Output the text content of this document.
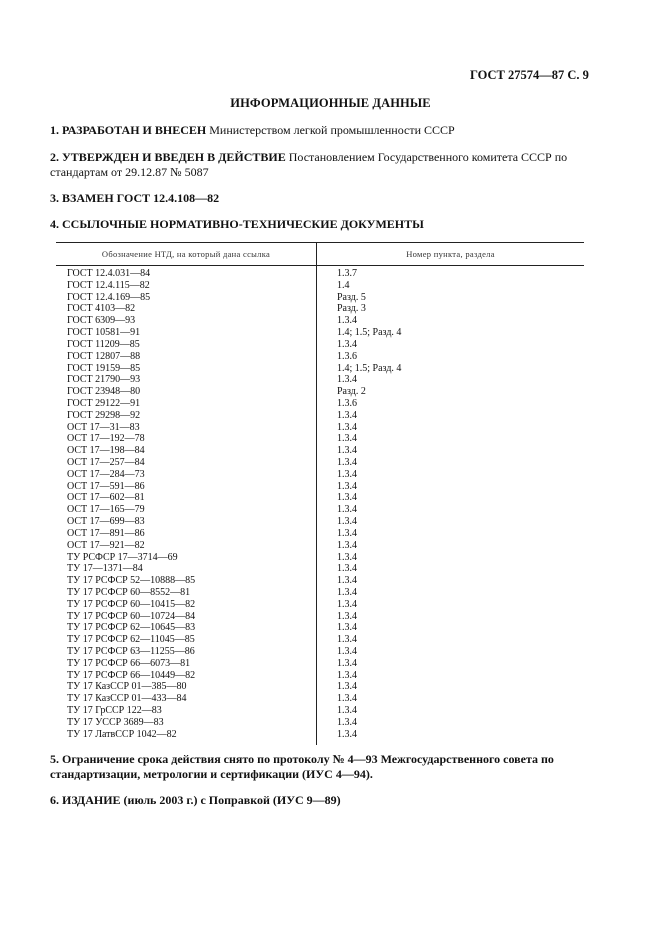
ГОСТ 27574—87 С. 9
ИНФОРМАЦИОННЫЕ ДАННЫЕ
1. РАЗРАБОТАН И ВНЕСЕН Министерством легкой промышленности СССР
2. УТВЕРЖДЕН И ВВЕДЕН В ДЕЙСТВИЕ Постановлением Государственного комитета СССР по стандартам от 29.12.87 № 5087
3. ВЗАМЕН ГОСТ 12.4.108—82
4. ССЫЛОЧНЫЕ НОРМАТИВНО-ТЕХНИЧЕСКИЕ ДОКУМЕНТЫ
Обозначение НТД, на который дана ссылка	Номер пункта, раздела
ГОСТ 12.4.031—84	1.3.7
ГОСТ 12.4.115—82	1.4
ГОСТ 12.4.169—85	Разд. 5
ГОСТ 4103—82	Разд. 3
ГОСТ 6309—93	1.3.4
ГОСТ 10581—91	1.4; 1.5; Разд. 4
ГОСТ 11209—85	1.3.4
ГОСТ 12807—88	1.3.6
ГОСТ 19159—85	1.4; 1.5; Разд. 4
ГОСТ 21790—93	1.3.4
ГОСТ 23948—80	Разд. 2
ГОСТ 29122—91	1.3.6
ГОСТ 29298—92	1.3.4
ОСТ 17—31—83	1.3.4
ОСТ 17—192—78	1.3.4
ОСТ 17—198—84	1.3.4
ОСТ 17—257—84	1.3.4
ОСТ 17—284—73	1.3.4
ОСТ 17—591—86	1.3.4
ОСТ 17—602—81	1.3.4
ОСТ 17—165—79	1.3.4
ОСТ 17—699—83	1.3.4
ОСТ 17—891—86	1.3.4
ОСТ 17—921—82	1.3.4
ТУ РСФСР 17—3714—69	1.3.4
ТУ 17—1371—84	1.3.4
ТУ 17 РСФСР 52—10888—85	1.3.4
ТУ 17 РСФСР 60—8552—81	1.3.4
ТУ 17 РСФСР 60—10415—82	1.3.4
ТУ 17 РСФСР 60—10724—84	1.3.4
ТУ 17 РСФСР 62—10645—83	1.3.4
ТУ 17 РСФСР 62—11045—85	1.3.4
ТУ 17 РСФСР 63—11255—86	1.3.4
ТУ 17 РСФСР 66—6073—81	1.3.4
ТУ 17 РСФСР 66—10449—82	1.3.4
ТУ 17 КазССР 01—385—80	1.3.4
ТУ 17 КазССР 01—433—84	1.3.4
ТУ 17 ГрССР 122—83	1.3.4
ТУ 17 УССР 3689—83	1.3.4
ТУ 17 ЛатвССР 1042—82	1.3.4
5. Ограничение срока действия снято по протоколу № 4—93 Межгосударственного совета по стандартизации, метрологии и сертификации (ИУС 4—94).
6. ИЗДАНИЕ (июль 2003 г.) с Поправкой (ИУС 9—89)
